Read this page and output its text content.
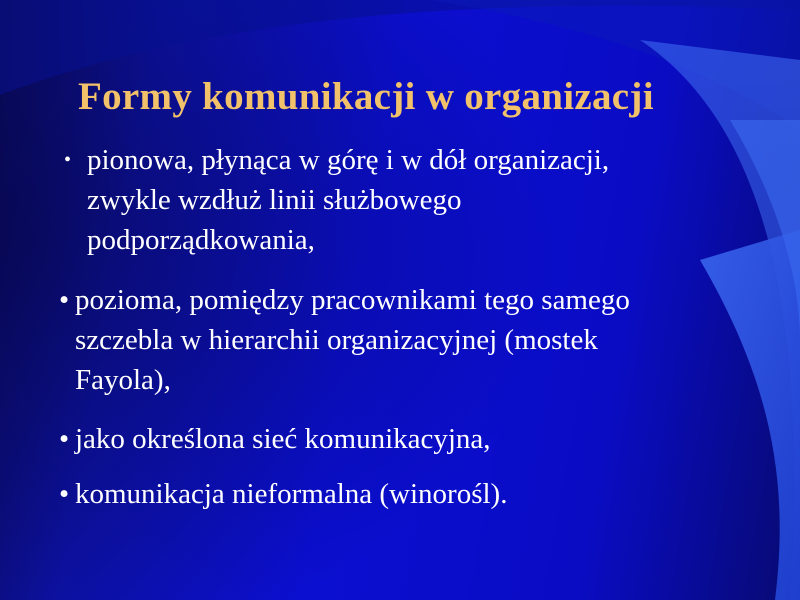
Formy komunikacji w organizacji
• pionowa, płynąca w górę i w dół organizacji,
zwykle wzdłuż linii służbowego
podporządkowania,
• pozioma, pomiędzy pracownikami tego samego
szczebla w hierarchii organizacyjnej (mostek
Fayola),
• jako określona sieć komunikacyjna,
• komunikacja nieformalna (winorośl).
